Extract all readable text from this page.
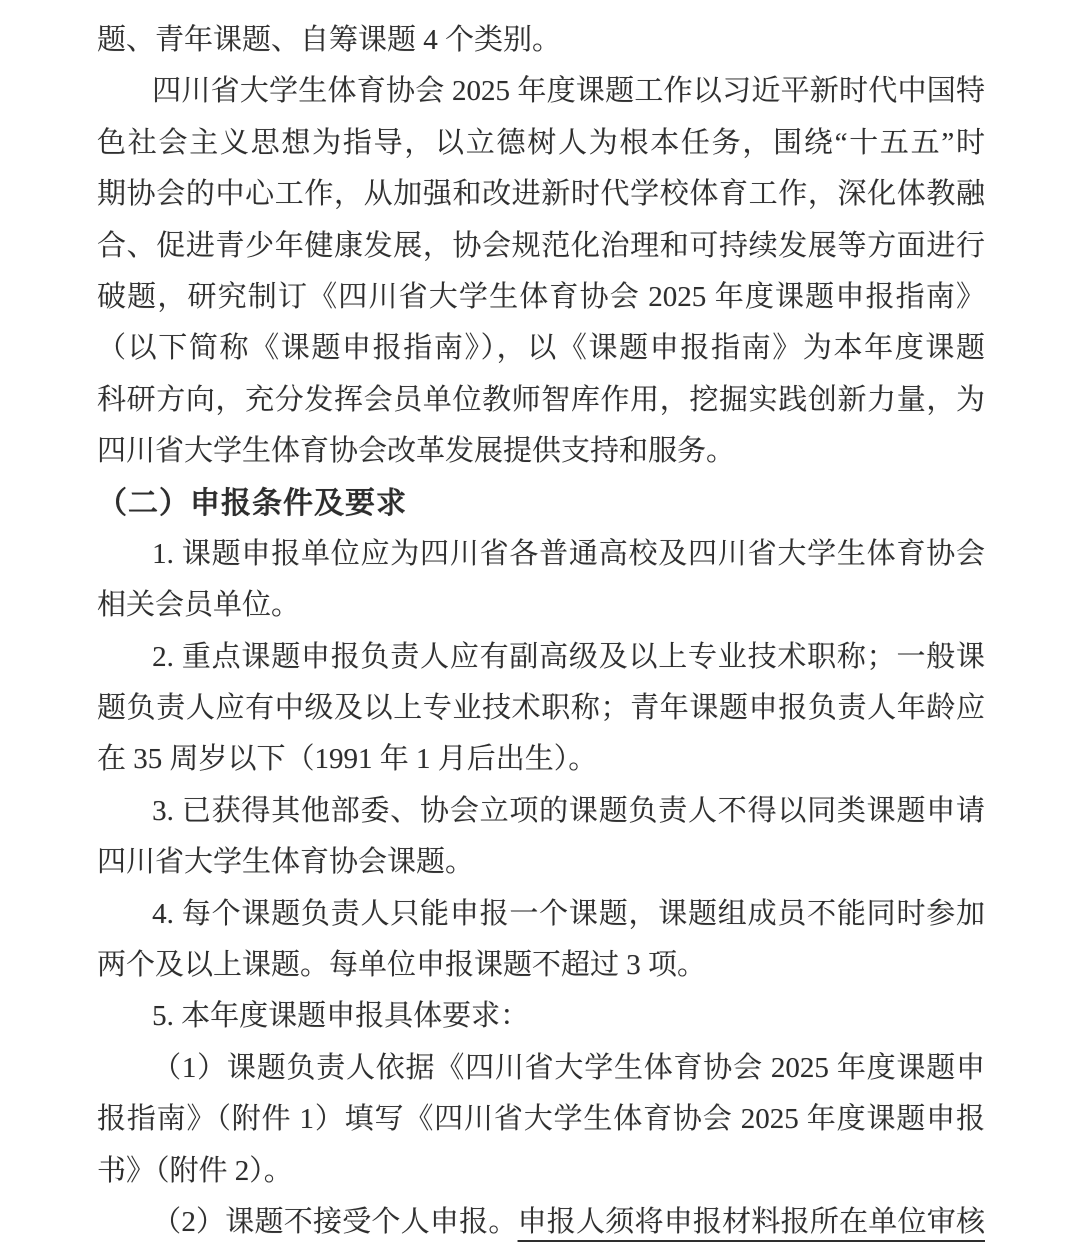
题、青年课题、自筹课题 4 个类别。
四川省大学生体育协会 2025 年度课题工作以习近平新时代中国特
色社会主义思想为指导，以立德树人为根本任务，围绕“十五五”时
期协会的中心工作，从加强和改进新时代学校体育工作，深化体教融
合、促进青少年健康发展，协会规范化治理和可持续发展等方面进行
破题，研究制订《四川省大学生体育协会 2025 年度课题申报指南》
（以下简称《课题申报指南》），以《课题申报指南》为本年度课题
科研方向，充分发挥会员单位教师智库作用，挖掘实践创新力量，为
四川省大学生体育协会改革发展提供支持和服务。
（二）申报条件及要求
1. 课题申报单位应为四川省各普通高校及四川省大学生体育协会
相关会员单位。
2. 重点课题申报负责人应有副高级及以上专业技术职称；一般课
题负责人应有中级及以上专业技术职称；青年课题申报负责人年龄应
在 35 周岁以下（1991 年 1 月后出生）。
3. 已获得其他部委、协会立项的课题负责人不得以同类课题申请
四川省大学生体育协会课题。
4. 每个课题负责人只能申报一个课题，课题组成员不能同时参加
两个及以上课题。每单位申报课题不超过 3 项。
5. 本年度课题申报具体要求：
（1）课题负责人依据《四川省大学生体育协会 2025 年度课题申
报指南》（附件 1）填写《四川省大学生体育协会 2025 年度课题申报
书》（附件 2）。
（2）课题不接受个人申报。申报人须将申报材料报所在单位审核
